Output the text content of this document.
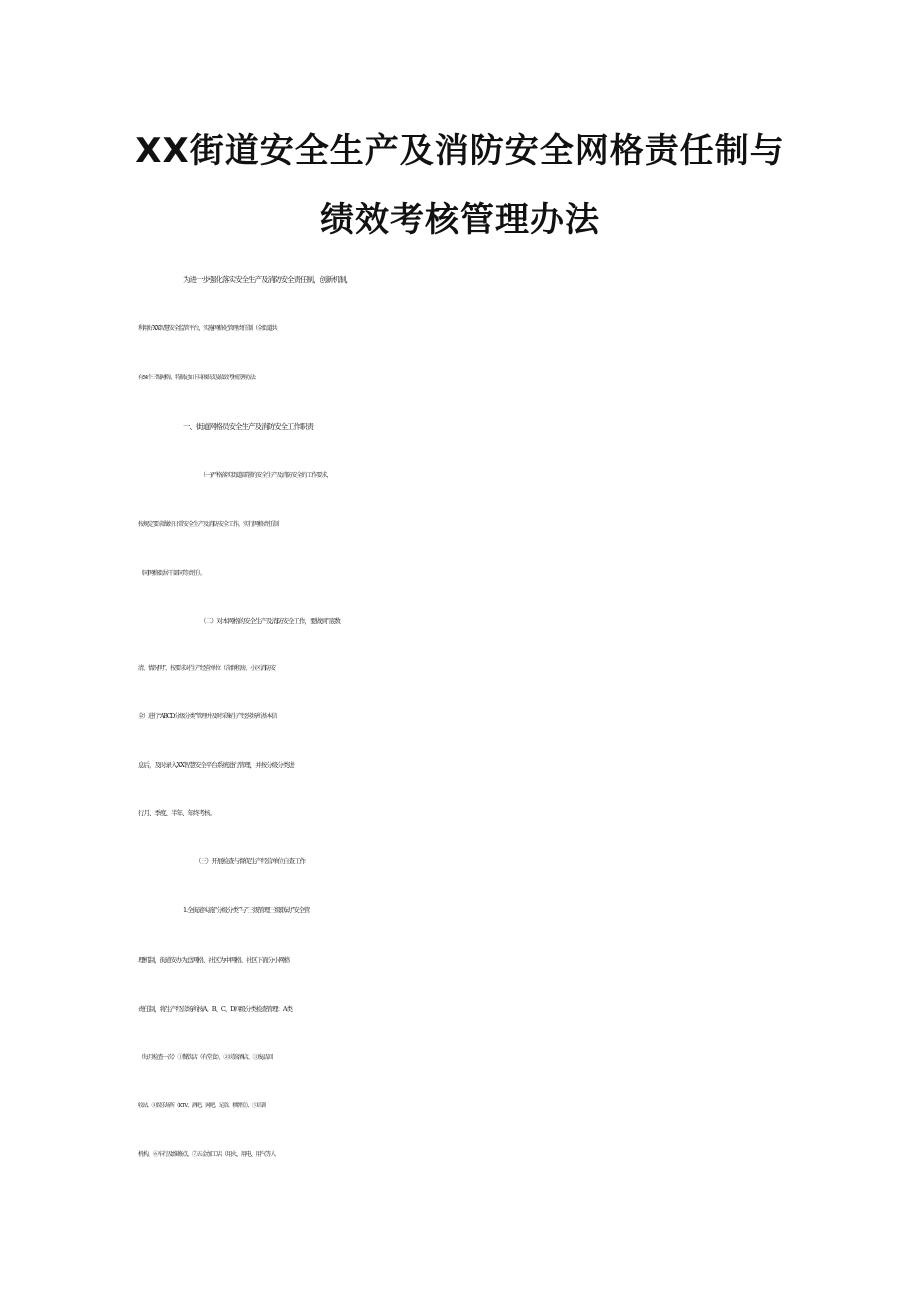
XX街道安全生产及消防安全网格责任制与
绩效考核管理办法

为进一步强化落实安全生产及消防安全责任制，创新机制，

利用好XX智慧安全监管平台，实施网格化管理责任制（全街道共

有54个三级网格），特制定如下具体职责及绩效考核管理办法：

一、街道网格员安全生产及消防安全工作职责

（一)严格落实街道部署的安全生产及消防安全的工作要求，

按规定要求做好日常安全生产及消防安全工作，实行网格责任制

（同网格街居干部同等责任）。

（二）对本网格的安全生产及消防安全工作，要做到“底数

清、情况明”，按要求对生产经营单位（含群租房、小区消防安

全）进行“ABCD分级分类”管理并及时采集生产经营场所基本信

息后，及时录入XX智慧安全平台系统进行管理，并按分级分类进

行月、季度、半年、年终考核。

（三）开展检查与督促生产经营单位自查工作

1.全街道实施“分级分类”与“三级管理三级联动”安全管

理机制，街道安办为总网格、社区为中网格、社区下面分小网格

责任制，将生产经营场所按A、B、C、D四级分类检查管理：A类

（每月检查一次）①餐饮店（有堂食）、②宾馆酒店、③废品回

收站、④娱乐场所（KTV、酒吧、网吧、足浴、棋牌室）、⑤培训

机构、⑥车行及维修点、⑦五金加工店（用火、用电、用气等人
